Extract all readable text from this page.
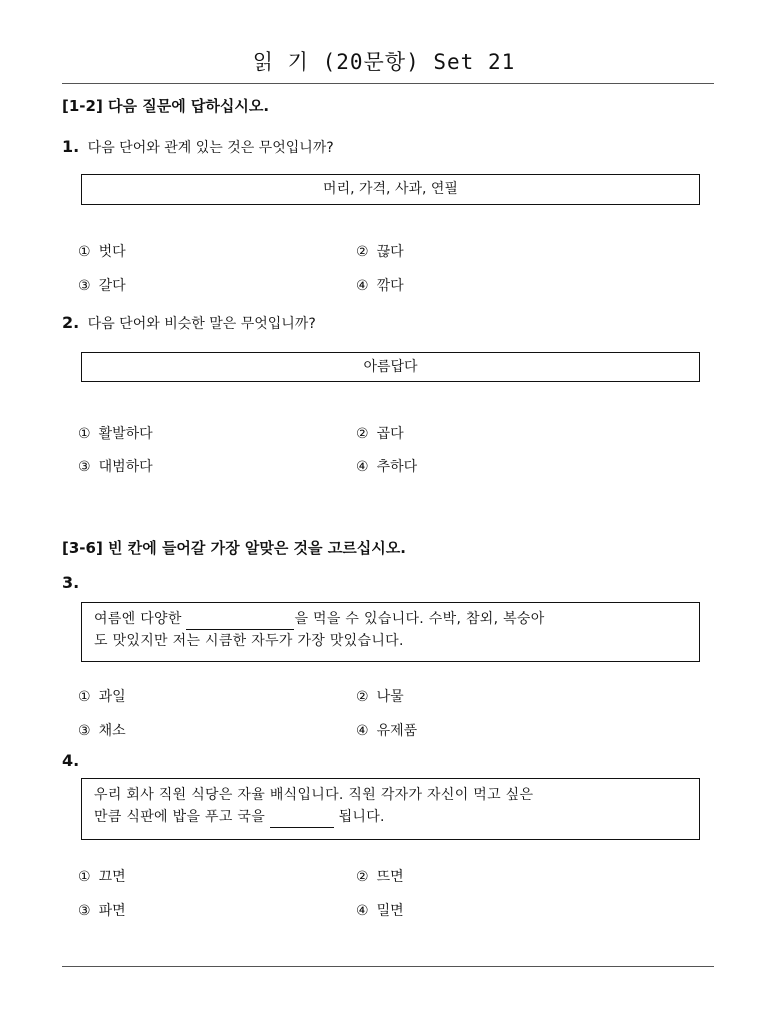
읽 기 (20문항) Set 21
[1-2] 다음 질문에 답하십시오.
1. 다음 단어와 관계 있는 것은 무엇입니까?
머리, 가격, 사과, 연필
① 벗다	② 끊다
③ 갈다	④ 깎다
2. 다음 단어와 비슷한 말은 무엇입니까?
아름답다
① 활발하다	② 곱다
③ 대범하다	④ 추하다
[3-6] 빈 칸에 들어갈 가장 알맞은 것을 고르십시오.
3.
여름엔 다양한	을 먹을 수 있습니다. 수박, 참외, 복숭아
도 맛있지만 저는 시큼한 자두가 가장 맛있습니다.
① 과일	② 나물
③ 채소	④ 유제품
4.
우리 회사 직원 식당은 자율 배식입니다. 직원 각자가 자신이 먹고 싶은
만큼 식판에 밥을 푸고 국을	됩니다.
① 끄면	② 뜨면
③ 파면	④ 밀면
